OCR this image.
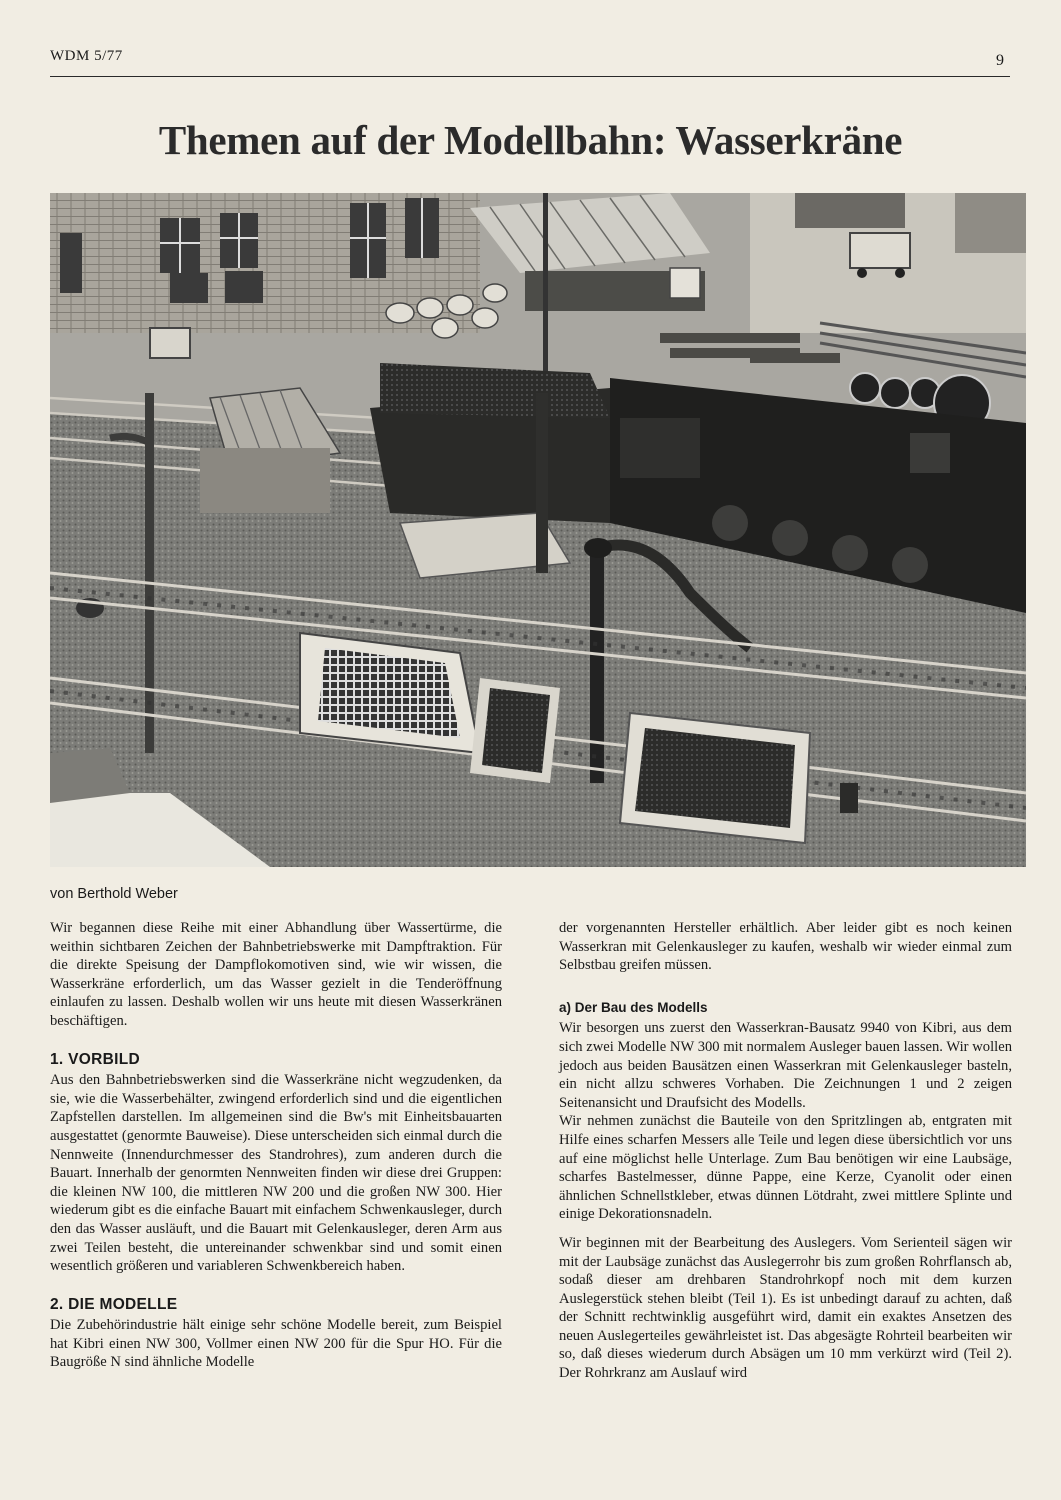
WDM 5/77	9
Themen auf der Modellbahn: Wasserkräne
von Berthold Weber

Wir begannen diese Reihe mit einer Abhandlung über Wassertürme, die weithin sichtbaren Zeichen der Bahnbetriebswerke mit Dampftraktion. Für die direkte Speisung der Dampflokomotiven sind, wie wir wissen, die Wasserkräne erforderlich, um das Wasser gezielt in die Tenderöffnung einlaufen zu lassen. Deshalb wollen wir uns heute mit diesen Wasserkränen beschäftigen.

1. VORBILD

Aus den Bahnbetriebswerken sind die Wasserkräne nicht wegzudenken, da sie, wie die Wasserbehälter, zwingend erforderlich sind und die eigentlichen Zapfstellen darstellen. Im allgemeinen sind die Bw's mit Einheitsbauarten ausgestattet (genormte Bauweise). Diese unterscheiden sich einmal durch die Nennweite (Innendurchmesser des Standrohres), zum anderen durch die Bauart. Innerhalb der genormten Nennweiten finden wir diese drei Gruppen: die kleinen NW 100, die mittleren NW 200 und die großen NW 300. Hier wiederum gibt es die einfache Bauart mit einfachem Schwenkausleger, durch den das Wasser ausläuft, und die Bauart mit Gelenkausleger, deren Arm aus zwei Teilen besteht, die untereinander schwenkbar sind und somit einen wesentlich größeren und variableren Schwenkbereich haben.

2. DIE MODELLE

Die Zubehörindustrie hält einige sehr schöne Modelle bereit, zum Beispiel hat Kibri einen NW 300, Vollmer einen NW 200 für die Spur HO. Für die Baugröße N sind ähnliche Modelle

der vorgenannten Hersteller erhältlich. Aber leider gibt es noch keinen Wasserkran mit Gelenkausleger zu kaufen, weshalb wir wieder einmal zum Selbstbau greifen müssen.

a) Der Bau des Modells

Wir besorgen uns zuerst den Wasserkran-Bausatz 9940 von Kibri, aus dem sich zwei Modelle NW 300 mit normalem Ausleger bauen lassen. Wir wollen jedoch aus beiden Bausätzen einen Wasserkran mit Gelenkausleger basteln, ein nicht allzu schweres Vorhaben. Die Zeichnungen 1 und 2 zeigen Seitenansicht und Draufsicht des Modells.

Wir nehmen zunächst die Bauteile von den Spritzlingen ab, entgraten mit Hilfe eines scharfen Messers alle Teile und legen diese übersichtlich vor uns auf eine möglichst helle Unterlage. Zum Bau benötigen wir eine Laubsäge, scharfes Bastelmesser, dünne Pappe, eine Kerze, Cyanolit oder einen ähnlichen Schnellstkleber, etwas dünnen Lötdraht, zwei mittlere Splinte und einige Dekorationsnadeln.

Wir beginnen mit der Bearbeitung des Auslegers. Vom Serienteil sägen wir mit der Laubsäge zunächst das Auslegerrohr bis zum großen Rohrflansch ab, sodaß dieser am drehbaren Standrohrkopf noch mit dem kurzen Auslegerstück stehen bleibt (Teil 1). Es ist unbedingt darauf zu achten, daß der Schnitt rechtwinklig ausgeführt wird, damit ein exaktes Ansetzen des neuen Auslegerteiles gewährleistet ist. Das abgesägte Rohrteil bearbeiten wir so, daß dieses wiederum durch Absägen um 10 mm verkürzt wird (Teil 2). Der Rohrkranz am Auslauf wird
